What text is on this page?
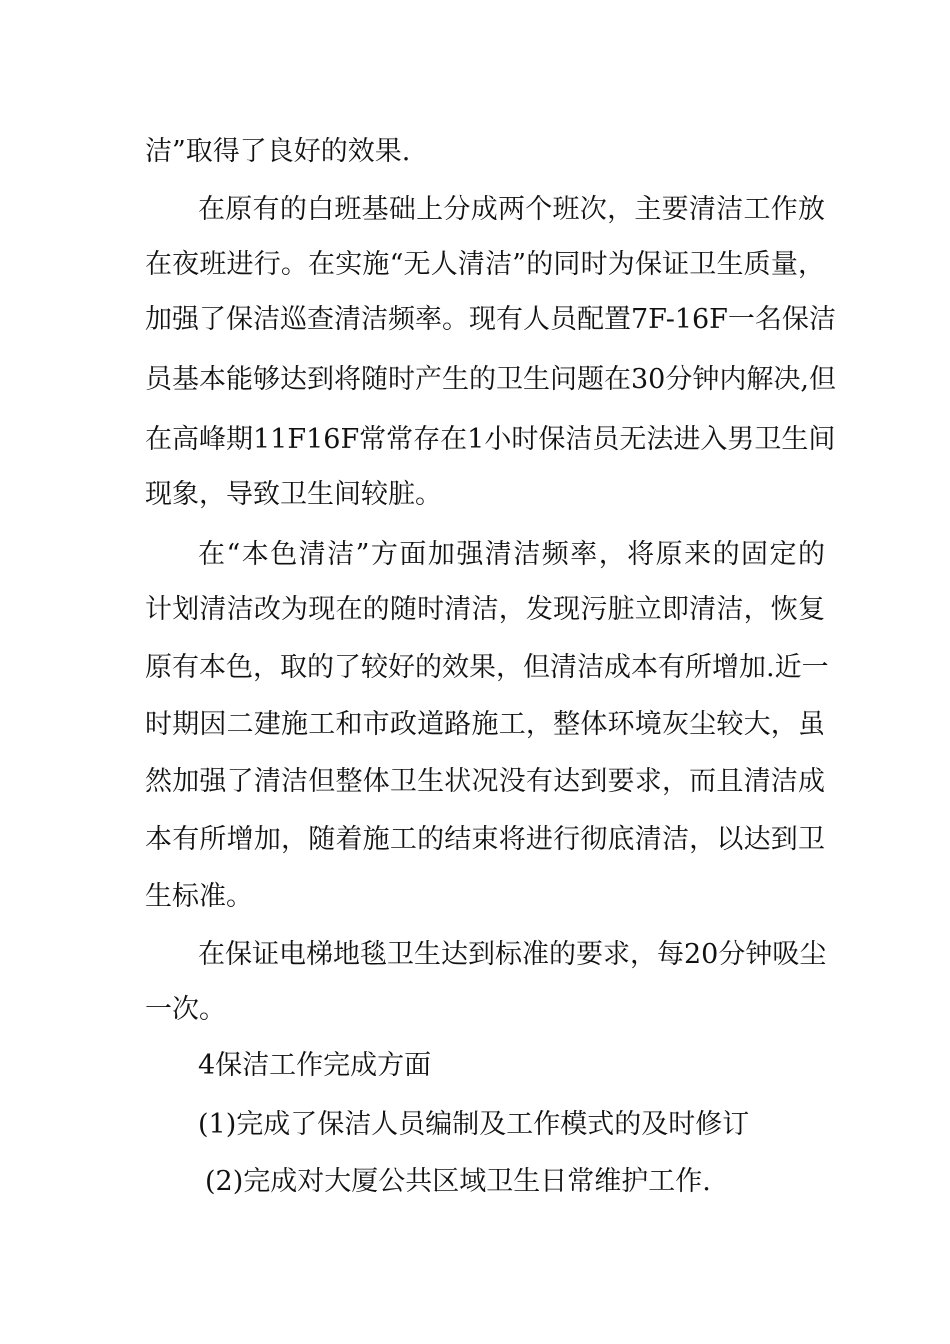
洁”取得了良好的效果.

在原有的白班基础上分成两个班次，主要清洁工作放

在夜班进行。在实施“无人清洁”的同时为保证卫生质量，

加强了保洁巡查清洁频率。现有人员配置7F-16F一名保洁

员基本能够达到将随时产生的卫生问题在30分钟内解决,但

在高峰期11F16F常常存在1小时保洁员无法进入男卫生间

现象，导致卫生间较脏。

在“本色清洁”方面加强清洁频率，将原来的固定的

计划清洁改为现在的随时清洁，发现污脏立即清洁，恢复

原有本色，取的了较好的效果，但清洁成本有所增加.近一

时期因二建施工和市政道路施工，整体环境灰尘较大，虽

然加强了清洁但整体卫生状况没有达到要求，而且清洁成

本有所增加，随着施工的结束将进行彻底清洁，以达到卫

生标准。

在保证电梯地毯卫生达到标准的要求，每20分钟吸尘

一次。

4保洁工作完成方面

(1)完成了保洁人员编制及工作模式的及时修订

(2)完成对大厦公共区域卫生日常维护工作.
